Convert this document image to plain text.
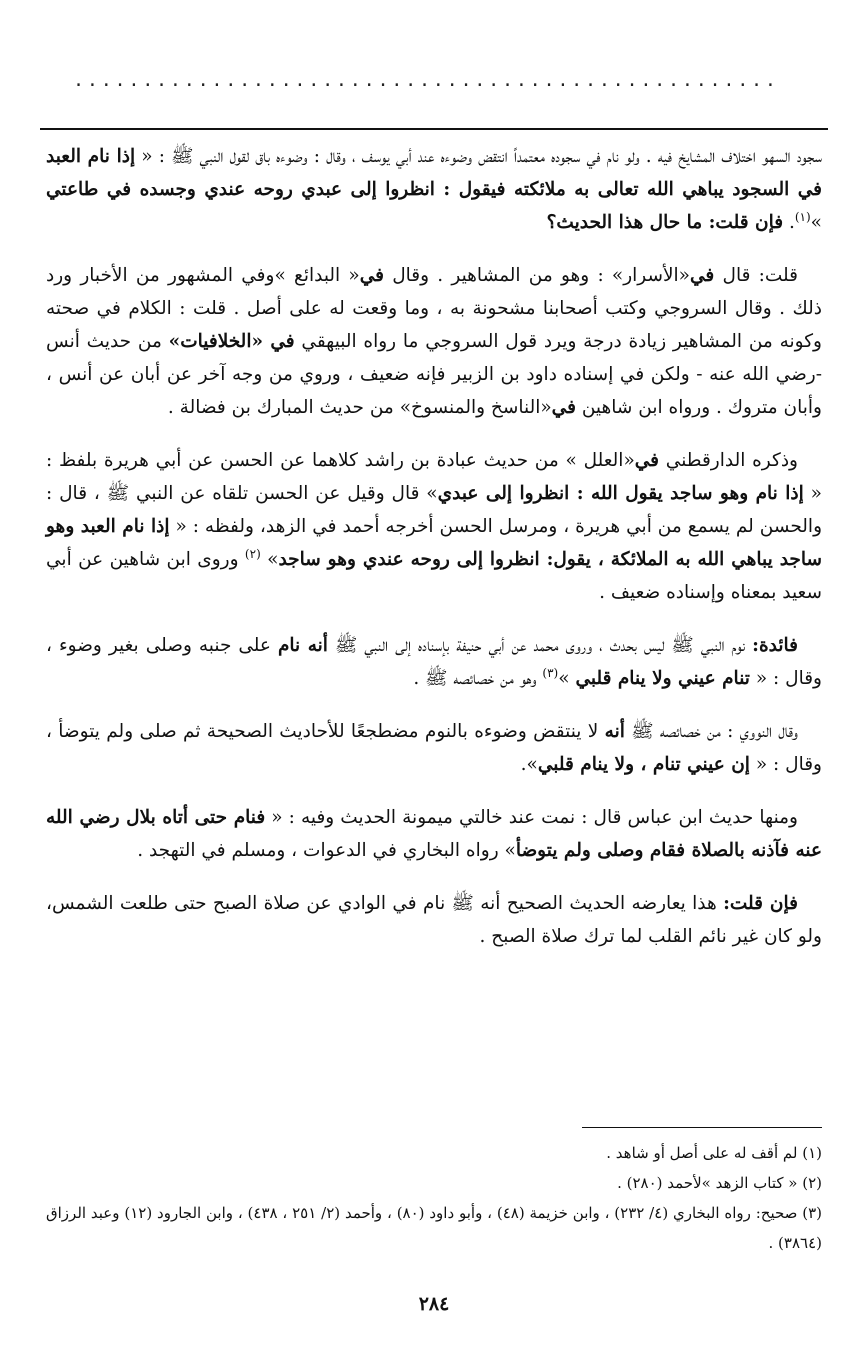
...................................................

سجود السهو اختلاف المشايخ فيه . ولو نام في سجوده معتمداً انتقض وضوءه عند أبي يوسف ، وقال : وضوءه باق لقول النبي ﷺ : « إذا نام العبد في السجود يباهي الله تعالى به ملائكته فيقول : انظروا إلى عبدي روحه عندي وجسده في طاعتي »$^{(١)}$. فإن قلت: ما حال هذا الحديث؟

قلت: قال في«الأسرار» : وهو من المشاهير . وقال في« البدائع »وفي المشهور من الأخبار ورد ذلك . وقال السروجي وكتب أصحابنا مشحونة به ، وما وقعت له على أصل . قلت : الكلام في صحته وكونه من المشاهير زيادة درجة ويرد قول السروجي ما رواه البيهقي في «الخلافيات» من حديث أنس -رضي الله عنه - ولكن في إسناده داود بن الزبير فإنه ضعيف ، وروي من وجه آخر عن أبان عن أنس ، وأبان متروك . ورواه ابن شاهين في«الناسخ والمنسوخ» من حديث المبارك بن فضالة .

وذكره الدارقطني في«العلل » من حديث عبادة بن راشد كلاهما عن الحسن عن أبي هريرة بلفظ : « إذا نام وهو ساجد يقول الله : انظروا إلى عبدي» قال وقيل عن الحسن تلقاه عن النبي ﷺ ، قال : والحسن لم يسمع من أبي هريرة ، ومرسل الحسن أخرجه أحمد في الزهد، ولفظه : « إذا نام العبد وهو ساجد يباهي الله به الملائكة ، يقول: انظروا إلى روحه عندي وهو ساجد» $^{(٢)}$ وروى ابن شاهين عن أبي سعيد بمعناه وإسناده ضعيف .

فائدة: نوم النبي ﷺ ليس بحدث ، وروى محمد عن أبي حنيفة بإسناده إلى النبي ﷺ أنه نام على جنبه وصلى بغير وضوء ، وقال : « تنام عيني ولا ينام قلبي »$^{(٣)}$ وهو من خصائصه ﷺ .

وقال النووي : من خصائصه ﷺ أنه لا ينتقض وضوءه بالنوم مضطجعًا للأحاديث الصحيحة ثم صلى ولم يتوضأ ، وقال : « إن عيني تنام ، ولا ينام قلبي».

ومنها حديث ابن عباس قال : نمت عند خالتي ميمونة الحديث وفيه : « فنام حتى أتاه بلال رضي الله عنه فآذنه بالصلاة فقام وصلى ولم يتوضأ» رواه البخاري في الدعوات ، ومسلم في التهجد .

فإن قلت: هذا يعارضه الحديث الصحيح أنه ﷺ نام في الوادي عن صلاة الصبح حتى طلعت الشمس، ولو كان غير نائم القلب لما ترك صلاة الصبح .

(١) لم أقف له على أصل أو شاهد .

(٢) « كتاب الزهد »لأحمد (٢٨٠) .

(٣) صحيح: رواه البخاري (٤/ ٢٣٢) ، وابن خزيمة (٤٨) ، وأبو داود (٨٠) ، وأحمد (٢/ ٢٥١ ، ٤٣٨) ، وابن الجارود (١٢) وعبد الرزاق (٣٨٦٤) .

٢٨٤
